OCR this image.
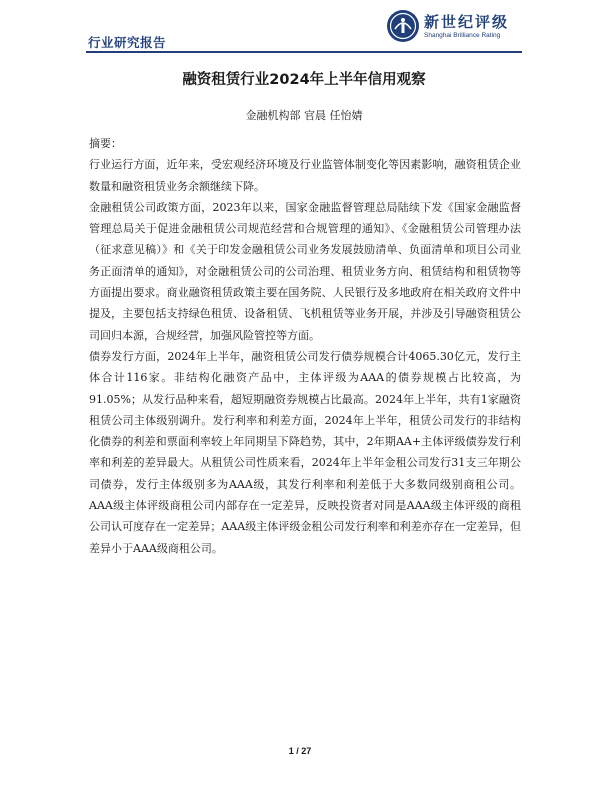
行业研究报告
新世纪评级
Shanghai Brilliance Rating
融资租赁行业2024年上半年信用观察
金融机构部 官晨 任怡婧

摘要：

行业运行方面，近年来，受宏观经济环境及行业监管体制变化等因素影响，融资租赁企业数量和融资租赁业务余额继续下降。

金融租赁公司政策方面，2023年以来，国家金融监督管理总局陆续下发《国家金融监督管理总局关于促进金融租赁公司规范经营和合规管理的通知》、《金融租赁公司管理办法（征求意见稿）》和《关于印发金融租赁公司业务发展鼓励清单、负面清单和项目公司业务正面清单的通知》，对金融租赁公司的公司治理、租赁业务方向、租赁结构和租赁物等方面提出要求。商业融资租赁政策主要在国务院、人民银行及多地政府在相关政府文件中提及，主要包括支持绿色租赁、设备租赁、飞机租赁等业务开展，并涉及引导融资租赁公司回归本源，合规经营，加强风险管控等方面。

债券发行方面，2024年上半年，融资租赁公司发行债券规模合计4065.30亿元，发行主体合计116家。非结构化融资产品中，主体评级为AAA的债券规模占比较高，为91.05%；从发行品种来看，超短期融资券规模占比最高。2024年上半年，共有1家融资租赁公司主体级别调升。发行利率和利差方面，2024年上半年，租赁公司发行的非结构化债券的利差和票面利率较上年同期呈下降趋势，其中，2年期AA+主体评级债券发行利率和利差的差异最大。从租赁公司性质来看，2024年上半年金租公司发行31支三年期公司债券，发行主体级别多为AAA级，其发行利率和利差低于大多数同级别商租公司。AAA级主体评级商租公司内部存在一定差异，反映投资者对同是AAA级主体评级的商租公司认可度存在一定差异；AAA级主体评级金租公司发行利率和利差亦存在一定差异，但差异小于AAA级商租公司。

1 / 27
